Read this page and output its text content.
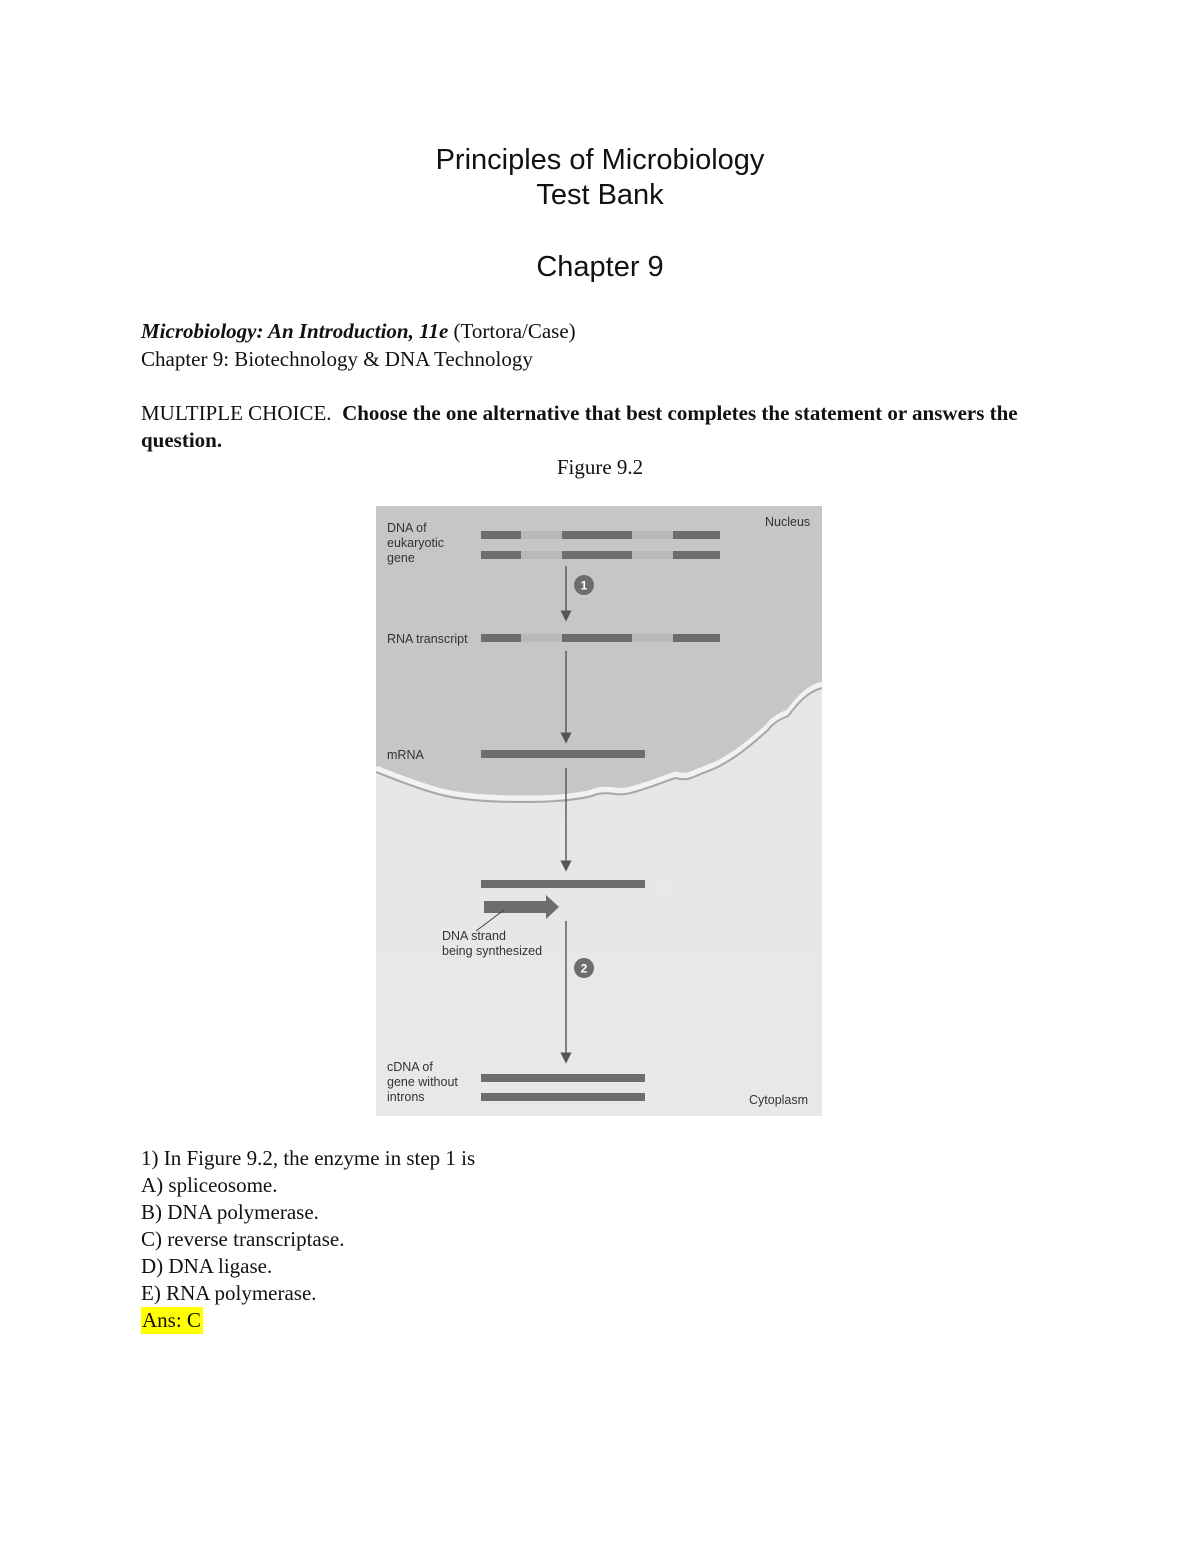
Principles of Microbiology
Test Bank
Chapter 9
Microbiology: An Introduction, 11e (Tortora/Case)
Chapter 9: Biotechnology & DNA Technology
MULTIPLE CHOICE. Choose the one alternative that best completes the statement or answers the question.
Figure 9.2
1
4
2
DNA of
eukaryotic
gene
Nucleus
RNA transcript
mRNA
DNA strand
being synthesized
cDNA of
gene without
introns	Cytoplasm
1) In Figure 9.2, the enzyme in step 1 is
A) spliceosome.
B) DNA polymerase.
C) reverse transcriptase.
D) DNA ligase.
E) RNA polymerase.
Ans: C
